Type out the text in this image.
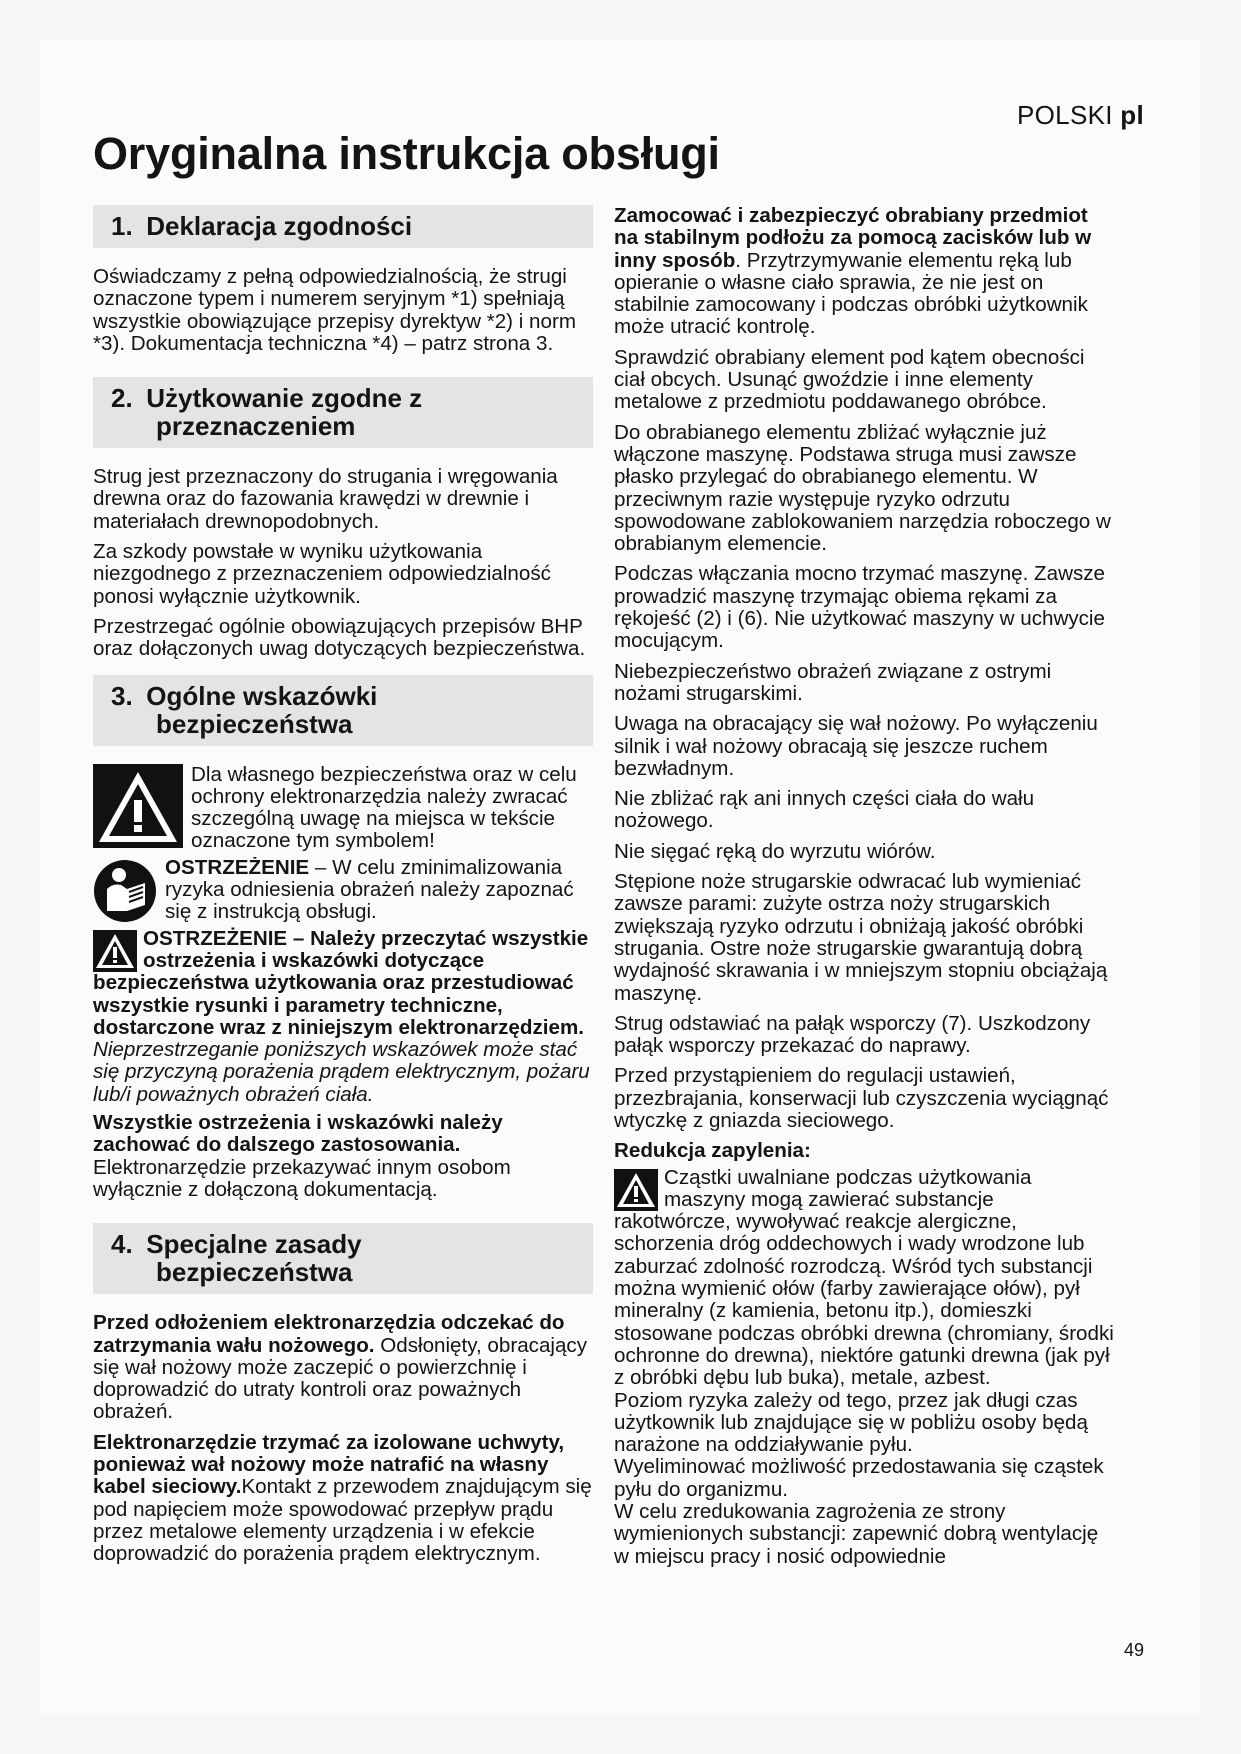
POLSKI pl
Oryginalna instrukcja obsługi
1. Deklaracja zgodności

Oświadczamy z pełną odpowiedzialnością, że strugi oznaczone typem i numerem seryjnym *1) spełniają wszystkie obowiązujące przepisy dyrektyw *2) i norm *3). Dokumentacja techniczna *4) – patrz strona 3.

2. Użytkowanie zgodne z
przeznaczeniem

Strug jest przeznaczony do strugania i wręgowania drewna oraz do fazowania krawędzi w drewnie i materiałach drewnopodobnych.

Za szkody powstałe w wyniku użytkowania niezgodnego z przeznaczeniem odpowiedzialność ponosi wyłącznie użytkownik.

Przestrzegać ogólnie obowiązujących przepisów BHP oraz dołączonych uwag dotyczących bezpieczeństwa.

3. Ogólne wskazówki
bezpieczeństwa
Dla własnego bezpieczeństwa oraz w celu ochrony elektronarzędzia należy zwracać szczególną uwagę na miejsca w tekście oznaczone tym symbolem!
OSTRZEŻENIE – W celu zminimalizowania ryzyka odniesienia obrażeń należy zapoznać się z instrukcją obsługi.
OSTRZEŻENIE – Należy przeczytać wszystkie ostrzeżenia i wskazówki dotyczące bezpieczeństwa użytkowania oraz przestudiować wszystkie rysunki i parametry techniczne, dostarczone wraz z niniejszym elektronarzędziem. Nieprzestrzeganie poniższych wskazówek może stać się przyczyną porażenia prądem elektrycznym, pożaru lub/i poważnych obrażeń ciała.

Wszystkie ostrzeżenia i wskazówki należy zachować do dalszego zastosowania. Elektronarzędzie przekazywać innym osobom wyłącznie z dołączoną dokumentacją.

4. Specjalne zasady
bezpieczeństwa

Przed odłożeniem elektronarzędzia odczekać do zatrzymania wału nożowego. Odsłonięty, obracający się wał nożowy może zaczepić o powierzchnię i doprowadzić do utraty kontroli oraz poważnych obrażeń.

Elektronarzędzie trzymać za izolowane uchwyty, ponieważ wał nożowy może natrafić na własny kabel sieciowy.Kontakt z przewodem znajdującym się pod napięciem może spowodować przepływ prądu przez metalowe elementy urządzenia i w efekcie doprowadzić do porażenia prądem elektrycznym.

Zamocować i zabezpieczyć obrabiany przedmiot na stabilnym podłożu za pomocą zacisków lub w inny sposób. Przytrzymywanie elementu ręką lub opieranie o własne ciało sprawia, że nie jest on stabilnie zamocowany i podczas obróbki użytkownik może utracić kontrolę.

Sprawdzić obrabiany element pod kątem obecności ciał obcych. Usunąć gwoździe i inne elementy metalowe z przedmiotu poddawanego obróbce.

Do obrabianego elementu zbliżać wyłącznie już włączone maszynę. Podstawa struga musi zawsze płasko przylegać do obrabianego elementu. W przeciwnym razie występuje ryzyko odrzutu spowodowane zablokowaniem narzędzia roboczego w obrabianym elemencie.

Podczas włączania mocno trzymać maszynę. Zawsze prowadzić maszynę trzymając obiema rękami za rękojeść (2) i (6). Nie użytkować maszyny w uchwycie mocującym.

Niebezpieczeństwo obrażeń związane z ostrymi nożami strugarskimi.

Uwaga na obracający się wał nożowy. Po wyłączeniu silnik i wał nożowy obracają się jeszcze ruchem bezwładnym.

Nie zbliżać rąk ani innych części ciała do wału nożowego.

Nie sięgać ręką do wyrzutu wiórów.

Stępione noże strugarskie odwracać lub wymieniać zawsze parami: zużyte ostrza noży strugarskich zwiększają ryzyko odrzutu i obniżają jakość obróbki strugania. Ostre noże strugarskie gwarantują dobrą wydajność skrawania i w mniejszym stopniu obciążają maszynę.

Strug odstawiać na pałąk wsporczy (7). Uszkodzony pałąk wsporczy przekazać do naprawy.

Przed przystąpieniem do regulacji ustawień, przezbrajania, konserwacji lub czyszczenia wyciągnąć wtyczkę z gniazda sieciowego.

Redukcja zapylenia:

Cząstki uwalniane podczas użytkowania maszyny mogą zawierać substancje rakotwórcze, wywoływać reakcje alergiczne, schorzenia dróg oddechowych i wady wrodzone lub zaburzać zdolność rozrodczą. Wśród tych substancji można wymienić ołów (farby zawierające ołów), pył mineralny (z kamienia, betonu itp.), domieszki stosowane podczas obróbki drewna (chromiany, środki ochronne do drewna), niektóre gatunki drewna (jak pył z obróbki dębu lub buka), metale, azbest.

Poziom ryzyka zależy od tego, przez jak długi czas użytkownik lub znajdujące się w pobliżu osoby będą narażone na oddziaływanie pyłu.

Wyeliminować możliwość przedostawania się cząstek pyłu do organizmu.

W celu zredukowania zagrożenia ze strony wymienionych substancji: zapewnić dobrą wentylację w miejscu pracy i nosić odpowiednie

49
